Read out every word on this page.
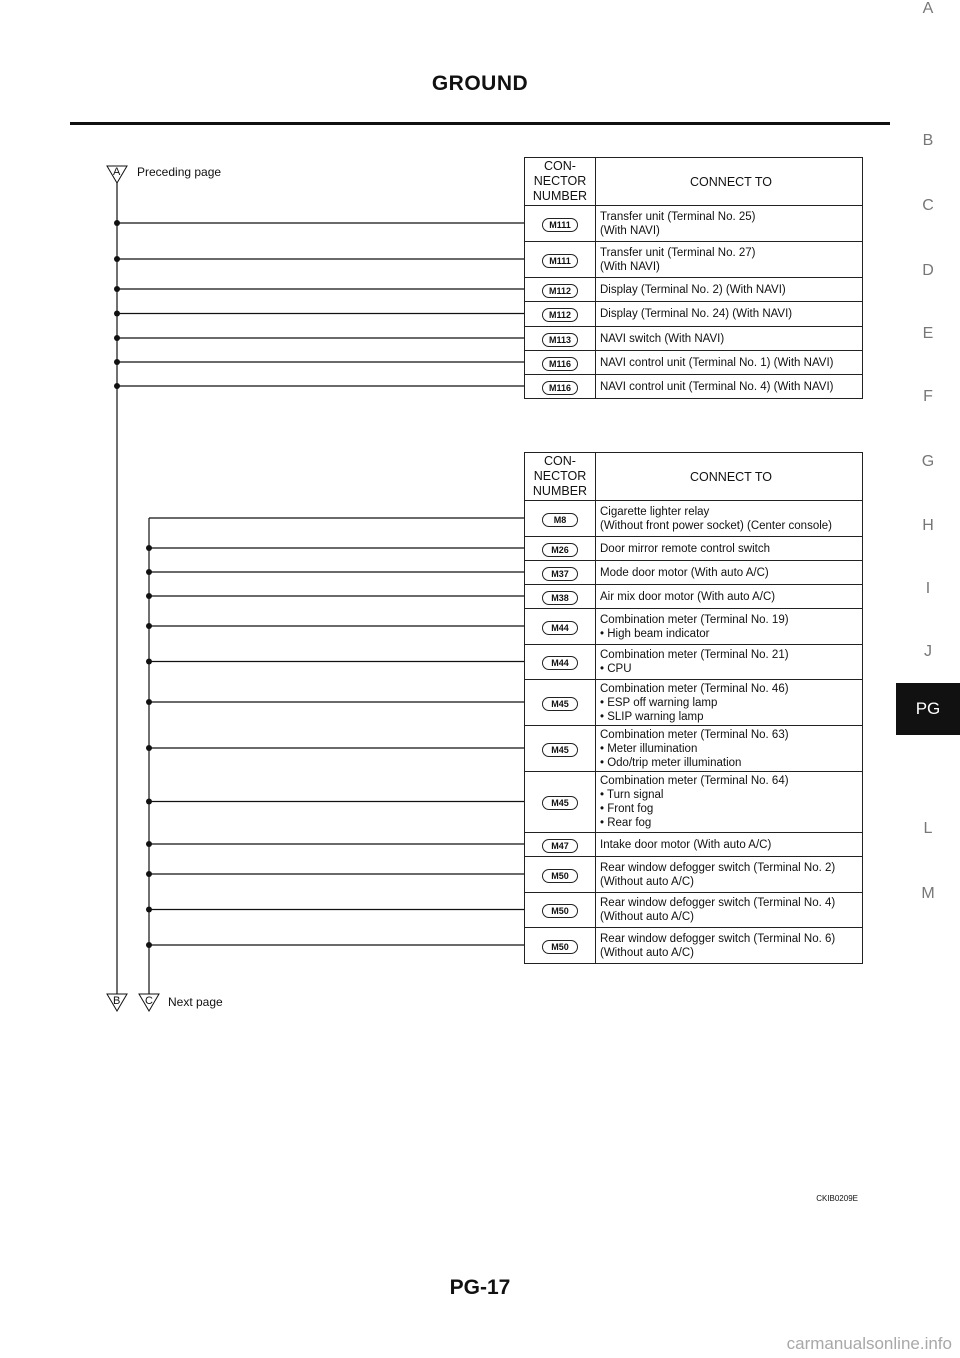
GROUND
A
B
C
D
E
F
G
H
I
J
PG
L
M
A Preceding page
B C Next page
CON-
NECTOR
NUMBER	CONNECT TO
M111	Transfer unit (Terminal No. 25)
(With NAVI)
M111	Transfer unit (Terminal No. 27)
(With NAVI)
M112	Display (Terminal No. 2) (With NAVI)
M112	Display (Terminal No. 24) (With NAVI)
M113	NAVI switch (With NAVI)
M116	NAVI control unit (Terminal No. 1) (With NAVI)
M116	NAVI control unit (Terminal No. 4) (With NAVI)
CON-
NECTOR
NUMBER	CONNECT TO
M8	Cigarette lighter relay
(Without front power socket) (Center console)
M26	Door mirror remote control switch
M37	Mode door motor (With auto A/C)
M38	Air mix door motor (With auto A/C)
M44	Combination meter (Terminal No. 19)
• High beam indicator
M44	Combination meter (Terminal No. 21)
• CPU
M45	Combination meter (Terminal No. 46)
• ESP off warning lamp
• SLIP warning lamp
M45	Combination meter (Terminal No. 63)
• Meter illumination
• Odo/trip meter illumination
M45	Combination meter (Terminal No. 64)
• Turn signal
• Front fog
• Rear fog
M47	Intake door motor (With auto A/C)
M50	Rear window defogger switch (Terminal No. 2)
(Without auto A/C)
M50	Rear window defogger switch (Terminal No. 4)
(Without auto A/C)
M50	Rear window defogger switch (Terminal No. 6)
(Without auto A/C)
CKIB0209E
PG-17
carmanualsonline.info
